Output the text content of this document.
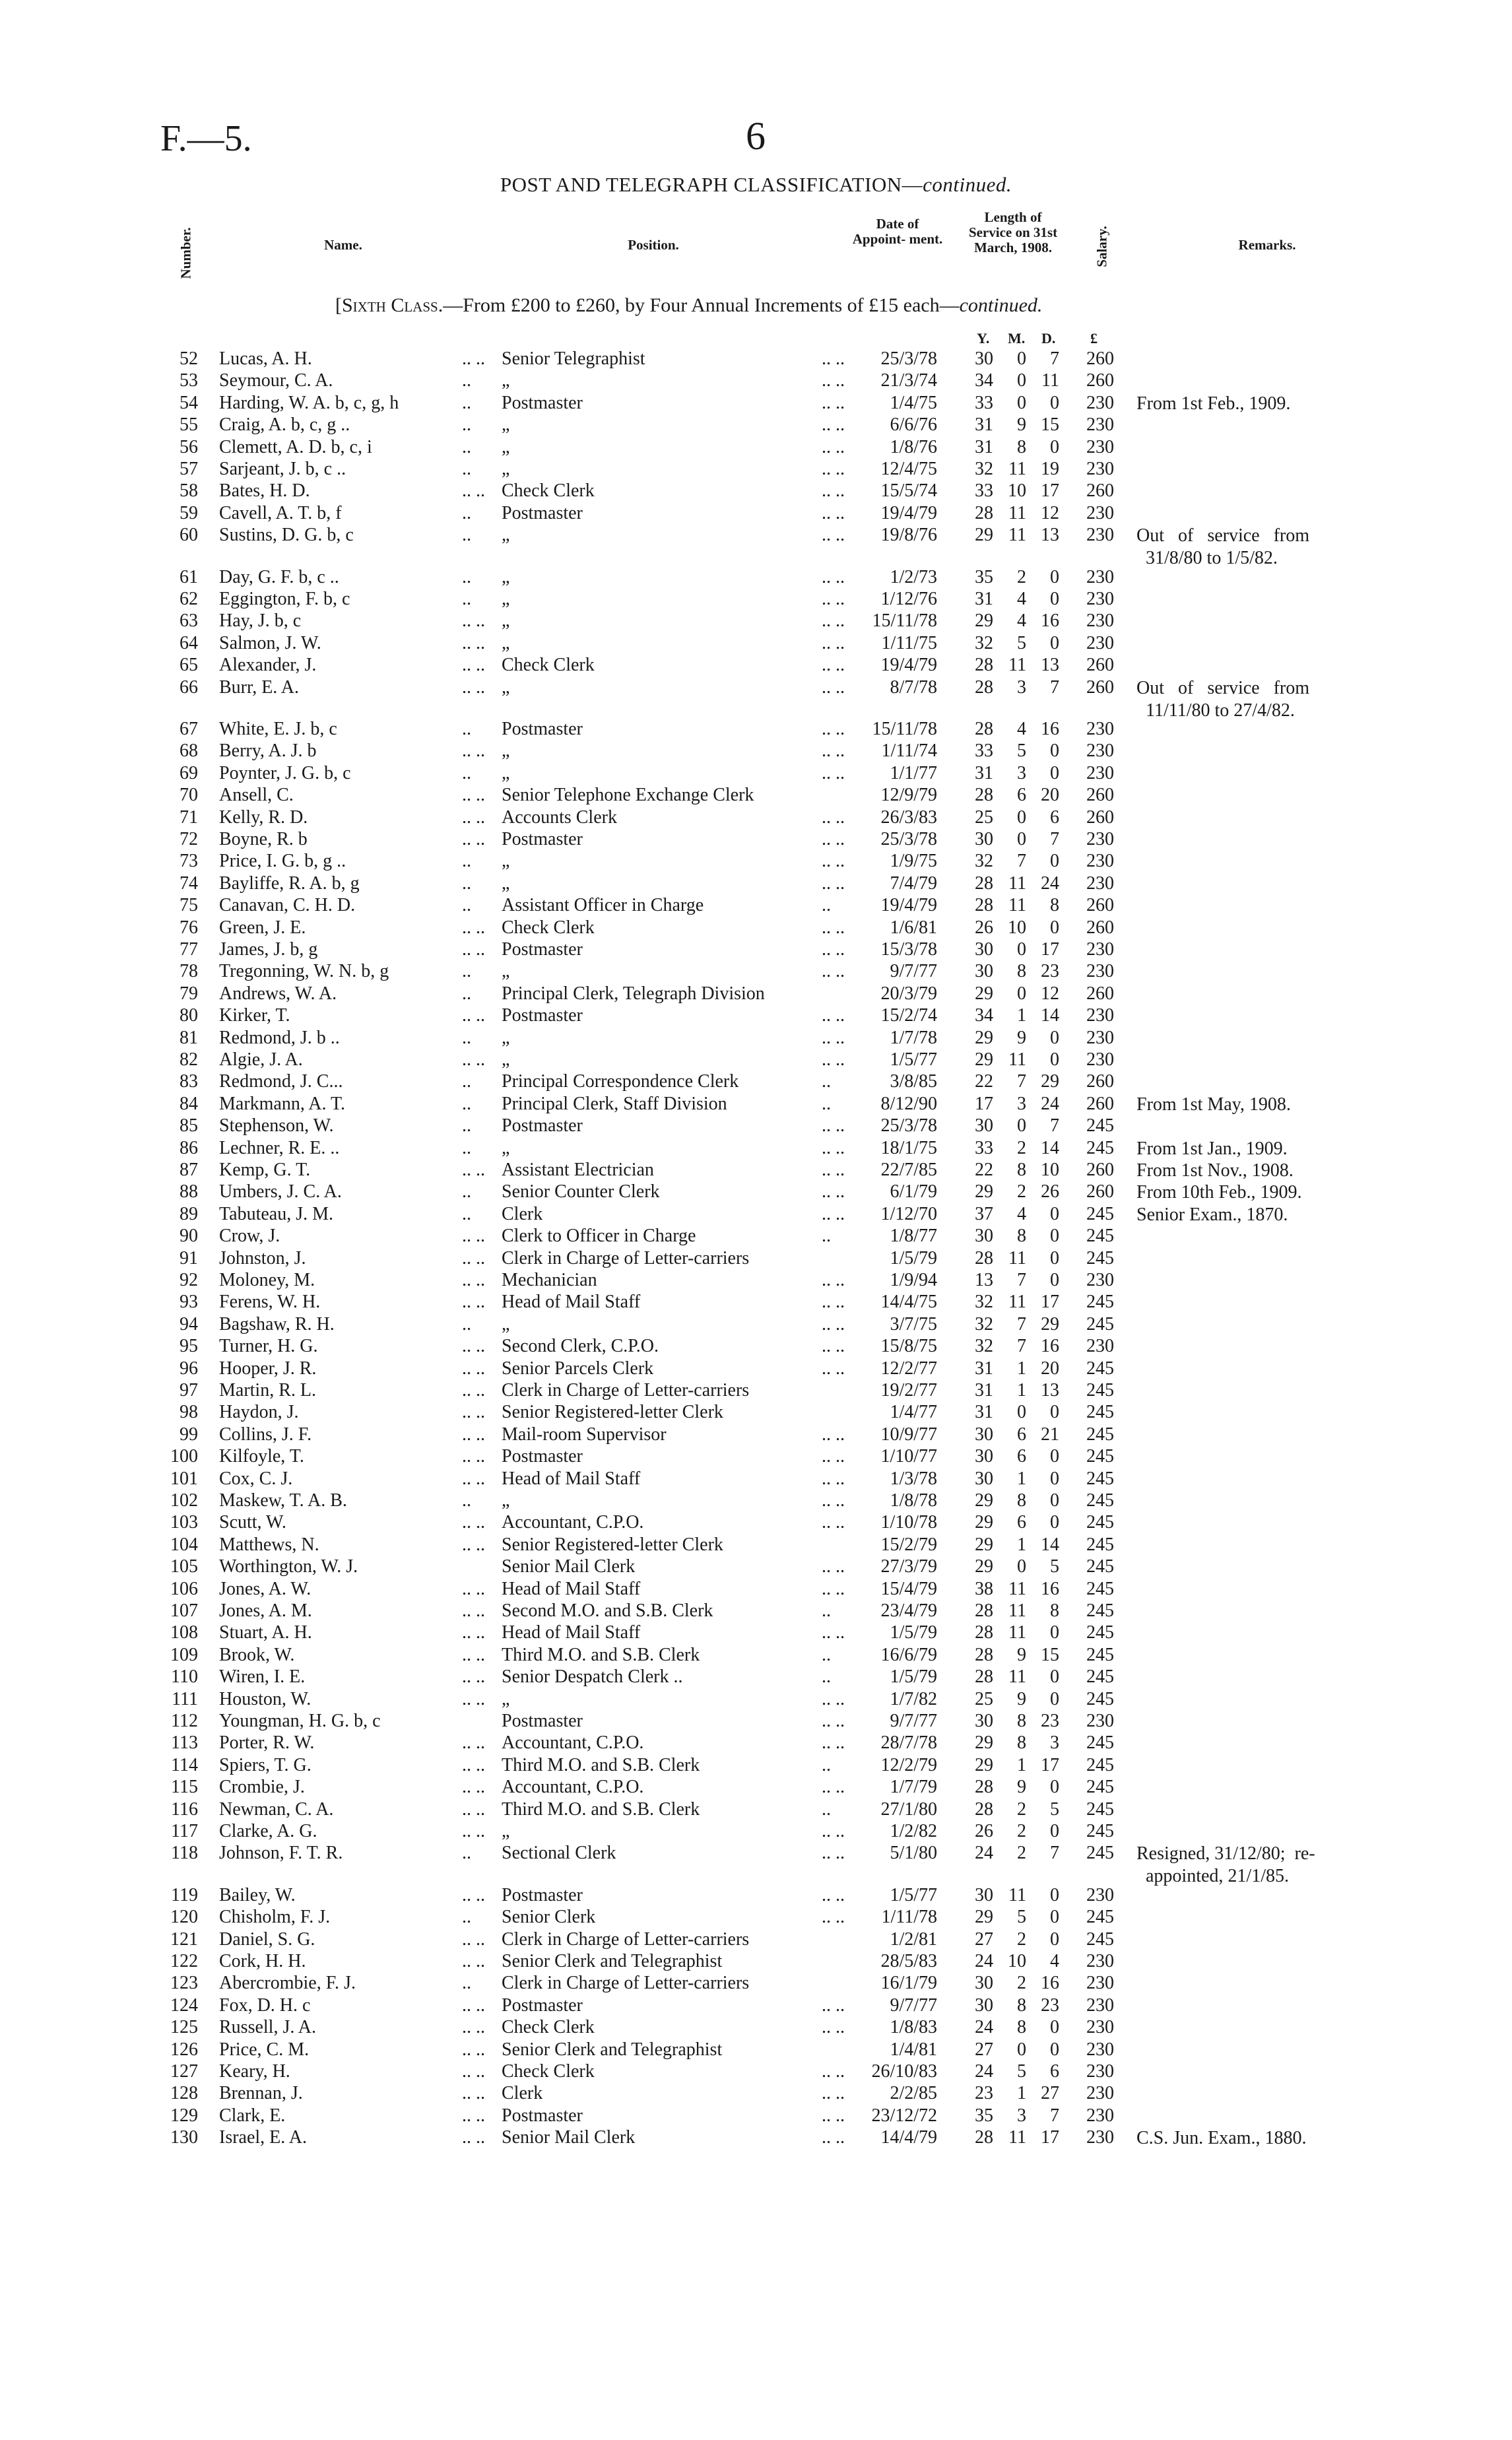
F.—5.	6
POST AND TELEGRAPH CLASSIFICATION—continued.
Number.	Name.	Position.
Date of Appoint- ment.
Length of Service on 31st March, 1908.	Salary.	Remarks.
[Sixth Class.—From £200 to £260, by Four Annual Increments of £15 each—continued.
Y. M. D. £
52 Lucas, A. H.	.. .. Senior Telegraphist	.. ..	25/3/78	30	0	7	260
53 Seymour, C. A.	.. „	.. ..	21/3/74	34	0 11	260
54 Harding, W. A. b, c, g, h	.. Postmaster	.. ..	1/4/75	33	0	0	230 From 1st Feb., 1909.
55 Craig, A. b, c, g ..	.. „	.. ..	6/6/76	31	9 15	230
56 Clemett, A. D. b, c, i	.. „	.. ..	1/8/76	31	8	0	230
57 Sarjeant, J. b, c ..	.. „	.. ..	12/4/75	32 11 19	230
58 Bates, H. D.	.. .. Check Clerk	.. ..	15/5/74	33 10 17	260
59 Cavell, A. T. b, f	.. Postmaster	.. ..	19/4/79	28 11 12	230
60 Sustins, D. G. b, c	.. „	.. ..	19/8/76	29 11 13	230 Out   of   service   from
31/8/80 to 1/5/82.
61 Day, G. F. b, c ..	.. „	.. ..	1/2/73	35	2	0	230
62 Eggington, F. b, c	.. „	.. ..	1/12/76	31	4	0	230
63 Hay, J. b, c	.. .. „	.. ..	15/11/78	29	4 16	230
64 Salmon, J. W.	.. .. „	.. ..	1/11/75	32	5	0	230
65 Alexander, J.	.. .. Check Clerk	.. ..	19/4/79	28 11 13	260
66 Burr, E. A.	.. .. „	.. ..	8/7/78	28	3	7	260 Out   of   service   from
11/11/80 to 27/4/82.
67 White, E. J. b, c	.. Postmaster	.. ..	15/11/78	28	4 16	230
68 Berry, A. J. b	.. .. „	.. ..	1/11/74	33	5	0	230
69 Poynter, J. G. b, c	.. „	.. ..	1/1/77	31	3	0	230
70 Ansell, C.	.. .. Senior Telephone Exchange Clerk	12/9/79	28	6 20	260
71 Kelly, R. D.	.. .. Accounts Clerk	.. ..	26/3/83	25	0	6	260
72 Boyne, R. b	.. .. Postmaster	.. ..	25/3/78	30	0	7	230
73 Price, I. G. b, g ..	.. „	.. ..	1/9/75	32	7	0	230
74 Bayliffe, R. A. b, g	.. „	.. ..	7/4/79	28 11 24	230
75 Canavan, C. H. D.	.. Assistant Officer in Charge	..	19/4/79	28 11	8	260
76 Green, J. E.	.. .. Check Clerk	.. ..	1/6/81	26 10	0	260
77 James, J. b, g	.. .. Postmaster	.. ..	15/3/78	30	0 17	230
78 Tregonning, W. N. b, g	.. „	.. ..	9/7/77	30	8 23	230
79 Andrews, W. A.	.. Principal Clerk, Telegraph Division	20/3/79	29	0 12	260
80 Kirker, T.	.. .. Postmaster	.. ..	15/2/74	34	1 14	230
81 Redmond, J. b ..	.. „	.. ..	1/7/78	29	9	0	230
82 Algie, J. A.	.. .. „	.. ..	1/5/77	29 11	0	230
83 Redmond, J. C...	.. Principal Correspondence Clerk	..	3/8/85	22	7 29	260
84 Markmann, A. T.	.. Principal Clerk, Staff Division	..	8/12/90	17	3 24	260 From 1st May, 1908.
85 Stephenson, W.	.. Postmaster	.. ..	25/3/78	30	0	7	245
86 Lechner, R. E. ..	.. „	.. ..	18/1/75	33	2 14	245 From 1st Jan., 1909.
87 Kemp, G. T.	.. .. Assistant Electrician	.. ..	22/7/85	22	8 10	260 From 1st Nov., 1908.
88 Umbers, J. C. A.	.. Senior Counter Clerk	.. ..	6/1/79	29	2 26	260 From 10th Feb., 1909.
89 Tabuteau, J. M.	.. Clerk	.. ..	1/12/70	37	4	0	245 Senior Exam., 1870.
90 Crow, J.	.. .. Clerk to Officer in Charge	..	1/8/77	30	8	0	245
91 Johnston, J.	.. .. Clerk in Charge of Letter-carriers	1/5/79	28 11	0	245
92 Moloney, M.	.. .. Mechanician	.. ..	1/9/94	13	7	0	230
93 Ferens, W. H.	.. .. Head of Mail Staff	.. ..	14/4/75	32 11 17	245
94 Bagshaw, R. H.	.. „	.. ..	3/7/75	32	7 29	245
95 Turner, H. G.	.. .. Second Clerk, C.P.O.	.. ..	15/8/75	32	7 16	230
96 Hooper, J. R.	.. .. Senior Parcels Clerk	.. ..	12/2/77	31	1 20	245
97 Martin, R. L.	.. .. Clerk in Charge of Letter-carriers	19/2/77	31	1 13	245
98 Haydon, J.	.. .. Senior Registered-letter Clerk	1/4/77	31	0	0	245
99 Collins, J. F.	.. .. Mail-room Supervisor	.. ..	10/9/77	30	6 21	245
100 Kilfoyle, T.	.. .. Postmaster	.. ..	1/10/77	30	6	0	245
101 Cox, C. J.	.. .. Head of Mail Staff	.. ..	1/3/78	30	1	0	245
102 Maskew, T. A. B.	.. „	.. ..	1/8/78	29	8	0	245
103 Scutt, W.	.. .. Accountant, C.P.O.	.. ..	1/10/78	29	6	0	245
104 Matthews, N.	.. .. Senior Registered-letter Clerk	15/2/79	29	1 14	245
105 Worthington, W. J.	Senior Mail Clerk	.. ..	27/3/79	29	0	5	245
106 Jones, A. W.	.. .. Head of Mail Staff	.. ..	15/4/79	38 11 16	245
107 Jones, A. M.	.. .. Second M.O. and S.B. Clerk	..	23/4/79	28 11	8	245
108 Stuart, A. H.	.. .. Head of Mail Staff	.. ..	1/5/79	28 11	0	245
109 Brook, W.	.. .. Third M.O. and S.B. Clerk	..	16/6/79	28	9 15	245
110 Wiren, I. E.	.. .. Senior Despatch Clerk ..	..	1/5/79	28 11	0	245
111 Houston, W.	.. .. „	.. ..	1/7/82	25	9	0	245
112 Youngman, H. G. b, c	Postmaster	.. ..	9/7/77	30	8 23	230
113 Porter, R. W.	.. .. Accountant, C.P.O.	.. ..	28/7/78	29	8	3	245
114 Spiers, T. G.	.. .. Third M.O. and S.B. Clerk	..	12/2/79	29	1 17	245
115 Crombie, J.	.. .. Accountant, C.P.O.	.. ..	1/7/79	28	9	0	245
116 Newman, C. A.	.. .. Third M.O. and S.B. Clerk	..	27/1/80	28	2	5	245
117 Clarke, A. G.	.. .. „	.. ..	1/2/82	26	2	0	245
118 Johnson, F. T. R.	.. Sectional Clerk	.. ..	5/1/80	24	2	7	245 Resigned, 31/12/80;  re-
appointed, 21/1/85.
119 Bailey, W.	.. .. Postmaster	.. ..	1/5/77	30 11	0	230
120 Chisholm, F. J.	.. Senior Clerk	.. ..	1/11/78	29	5	0	245
121 Daniel, S. G.	.. .. Clerk in Charge of Letter-carriers	1/2/81	27	2	0	245
122 Cork, H. H.	.. .. Senior Clerk and Telegraphist	28/5/83	24 10	4	230
123 Abercrombie, F. J.	.. Clerk in Charge of Letter-carriers	16/1/79	30	2 16	230
124 Fox, D. H. c	.. .. Postmaster	.. ..	9/7/77	30	8 23	230
125 Russell, J. A.	.. .. Check Clerk	.. ..	1/8/83	24	8	0	230
126 Price, C. M.	.. .. Senior Clerk and Telegraphist	1/4/81	27	0	0	230
127 Keary, H.	.. .. Check Clerk	.. ..	26/10/83	24	5	6	230
128 Brennan, J.	.. .. Clerk	.. ..	2/2/85	23	1 27	230
129 Clark, E.	.. .. Postmaster	.. ..	23/12/72	35	3	7	230
130 Israel, E. A.	.. .. Senior Mail Clerk	.. ..	14/4/79	28 11 17	230 C.S. Jun. Exam., 1880.
